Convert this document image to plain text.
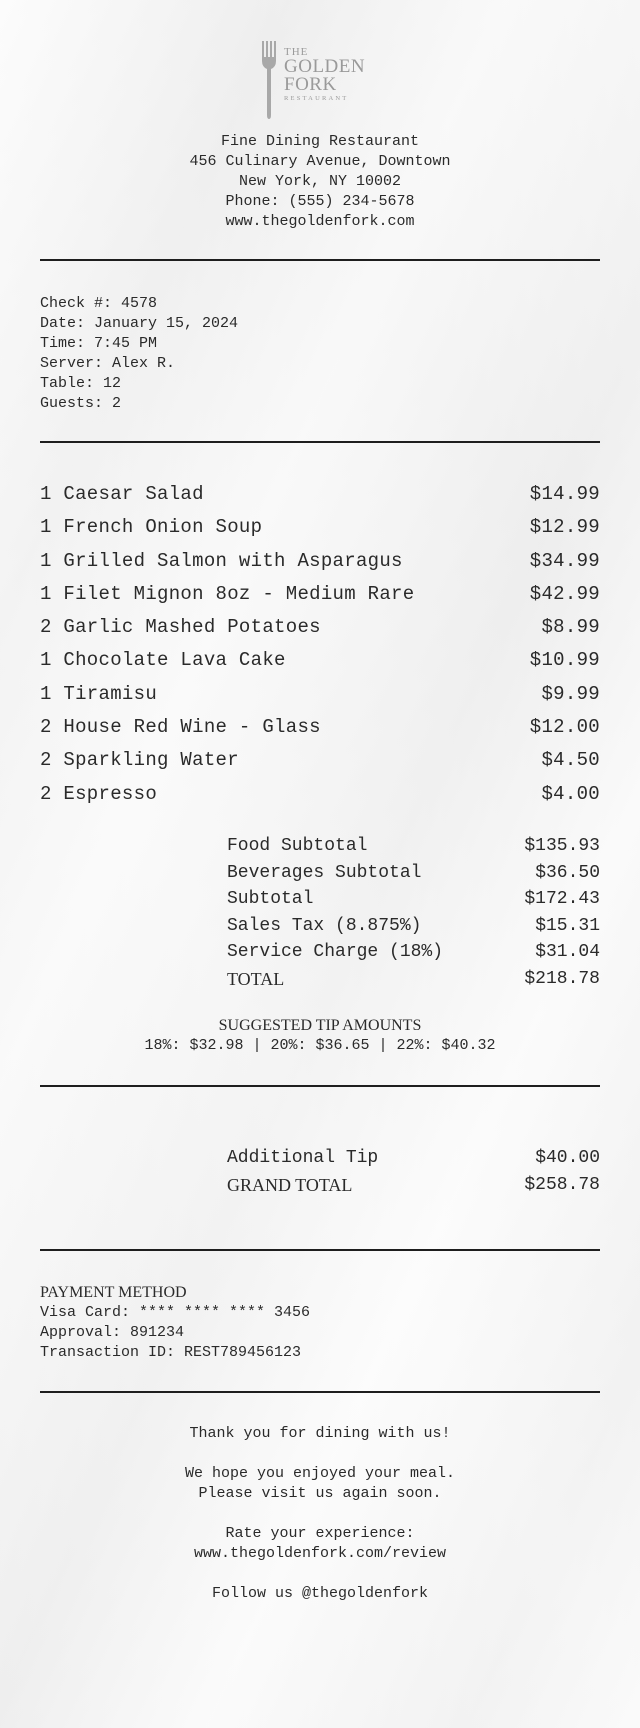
THE
GOLDEN
FORK
RESTAURANT
Fine Dining Restaurant
456 Culinary Avenue, Downtown
New York, NY 10002
Phone: (555) 234-5678
www.thegoldenfork.com
Check #: 4578
Date: January 15, 2024
Time: 7:45 PM
Server: Alex R.
Table: 12
Guests: 2
1 Caesar Salad	$14.99
1 French Onion Soup	$12.99
1 Grilled Salmon with Asparagus	$34.99
1 Filet Mignon 8oz - Medium Rare	$42.99
2 Garlic Mashed Potatoes	$8.99
1 Chocolate Lava Cake	$10.99
1 Tiramisu	$9.99
2 House Red Wine - Glass	$12.00
2 Sparkling Water	$4.50
2 Espresso	$4.00
Food Subtotal	$135.93
Beverages Subtotal	$36.50
Subtotal	$172.43
Sales Tax (8.875%)	$15.31
Service Charge (18%)	$31.04
TOTAL	$218.78
SUGGESTED TIP AMOUNTS
18%: $32.98 | 20%: $36.65 | 22%: $40.32
Additional Tip	$40.00
GRAND TOTAL	$258.78
PAYMENT METHOD
Visa Card: **** **** **** 3456
Approval: 891234
Transaction ID: REST789456123
Thank you for dining with us!
We hope you enjoyed your meal.
Please visit us again soon.
Rate your experience:
www.thegoldenfork.com/review
Follow us @thegoldenfork
